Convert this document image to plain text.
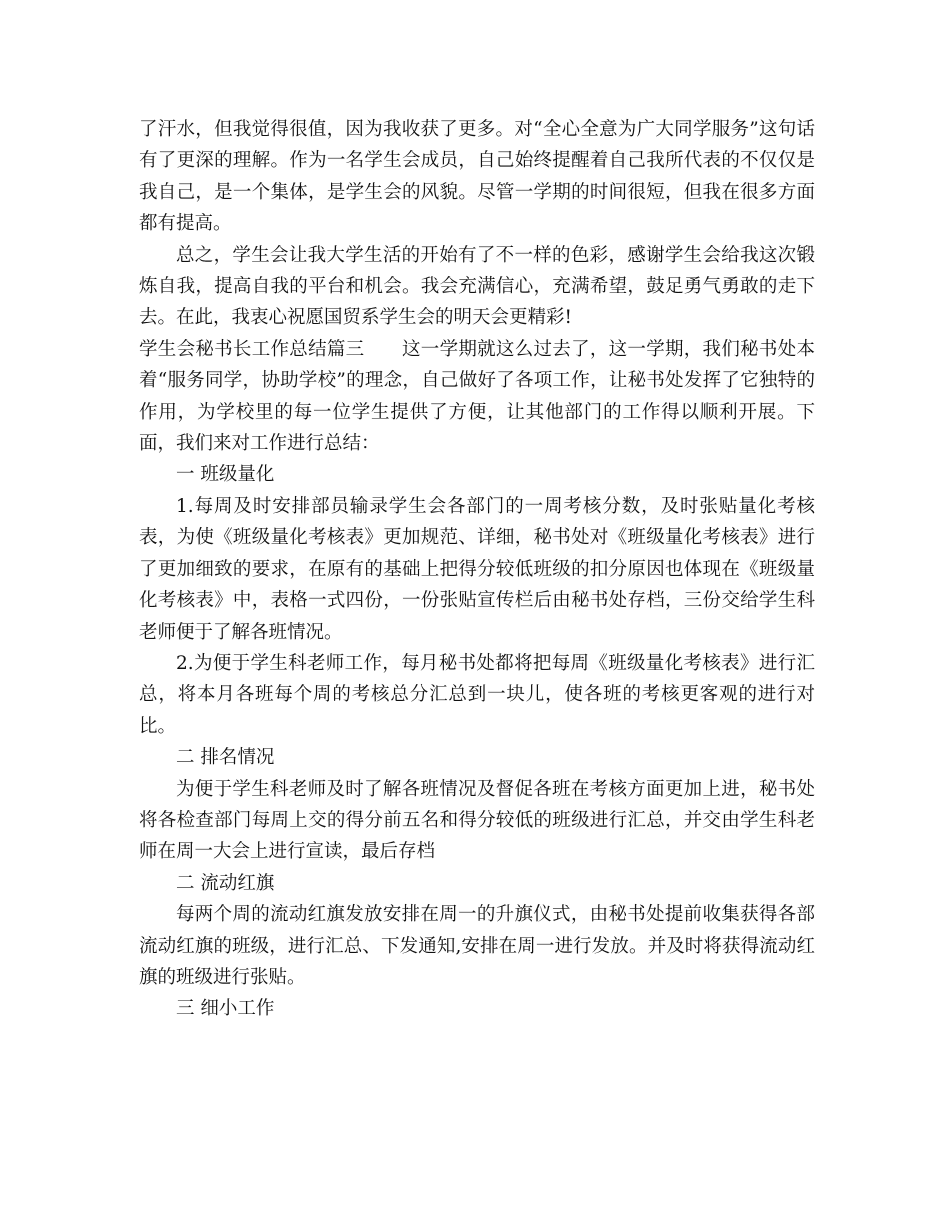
了汗水，但我觉得很值，因为我收获了更多。对“全心全意为广大同学服务”这句话有了更深的理解。作为一名学生会成员，自己始终提醒着自己我所代表的不仅仅是我自己，是一个集体，是学生会的风貌。尽管一学期的时间很短，但我在很多方面都有提高。

总之，学生会让我大学生活的开始有了不一样的色彩，感谢学生会给我这次锻炼自我，提高自我的平台和机会。我会充满信心，充满希望，鼓足勇气勇敢的走下去。在此，我衷心祝愿国贸系学生会的明天会更精彩!

学生会秘书长工作总结篇三　　这一学期就这么过去了，这一学期，我们秘书处本着“服务同学，协助学校”的理念，自己做好了各项工作，让秘书处发挥了它独特的作用，为学校里的每一位学生提供了方便，让其他部门的工作得以顺利开展。下面，我们来对工作进行总结：

一 班级量化

1.每周及时安排部员输录学生会各部门的一周考核分数，及时张贴量化考核表，为使《班级量化考核表》更加规范、详细，秘书处对《班级量化考核表》进行了更加细致的要求，在原有的基础上把得分较低班级的扣分原因也体现在《班级量化考核表》中，表格一式四份，一份张贴宣传栏后由秘书处存档，三份交给学生科老师便于了解各班情况。

2.为便于学生科老师工作，每月秘书处都将把每周《班级量化考核表》进行汇总，将本月各班每个周的考核总分汇总到一块儿，使各班的考核更客观的进行对比。

二 排名情况

为便于学生科老师及时了解各班情况及督促各班在考核方面更加上进，秘书处将各检查部门每周上交的得分前五名和得分较低的班级进行汇总，并交由学生科老师在周一大会上进行宣读，最后存档

二 流动红旗

每两个周的流动红旗发放安排在周一的升旗仪式，由秘书处提前收集获得各部流动红旗的班级，进行汇总、下发通知,安排在周一进行发放。并及时将获得流动红旗的班级进行张贴。

三 细小工作
